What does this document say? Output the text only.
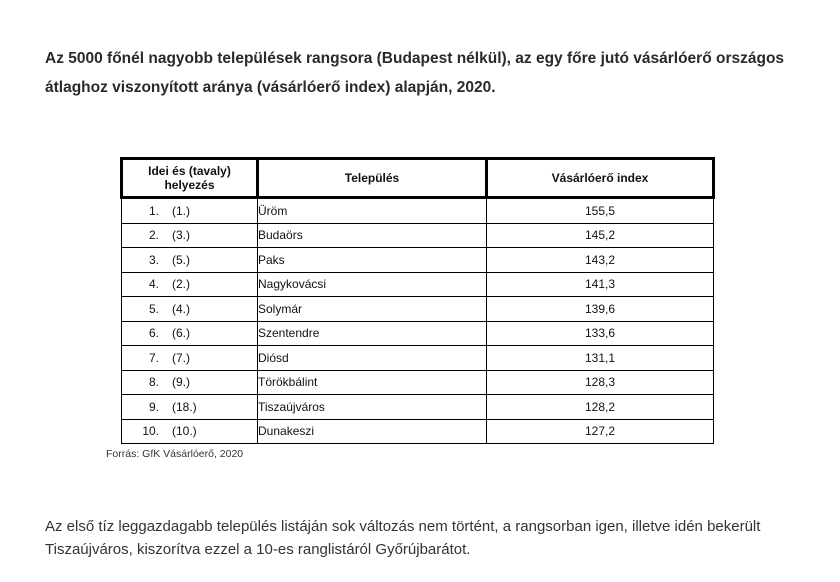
Az 5000 főnél nagyobb települések rangsora (Budapest nélkül), az egy főre jutó vásárlóerő országos átlaghoz viszonyított aránya (vásárlóerő index) alapján, 2020.
Idei és (tavaly) helyezés	Település	Vásárlóerő index
1. (1.)	Üröm	155,5
2. (3.)	Budaörs	145,2
3. (5.)	Paks	143,2
4. (2.)	Nagykovácsi	141,3
5. (4.)	Solymár	139,6
6. (6.)	Szentendre	133,6
7. (7.)	Diósd	131,1
8. (9.)	Törökbálint	128,3
9. (18.)	Tiszaújváros	128,2
10. (10.)	Dunakeszi	127,2

Forrás: GfK Vásárlóerő, 2020

Az első tíz leggazdagabb település listáján sok változás nem történt, a rangsorban igen, illetve idén bekerült Tiszaújváros, kiszorítva ezzel a 10-es ranglistáról Győrújbarátot.
